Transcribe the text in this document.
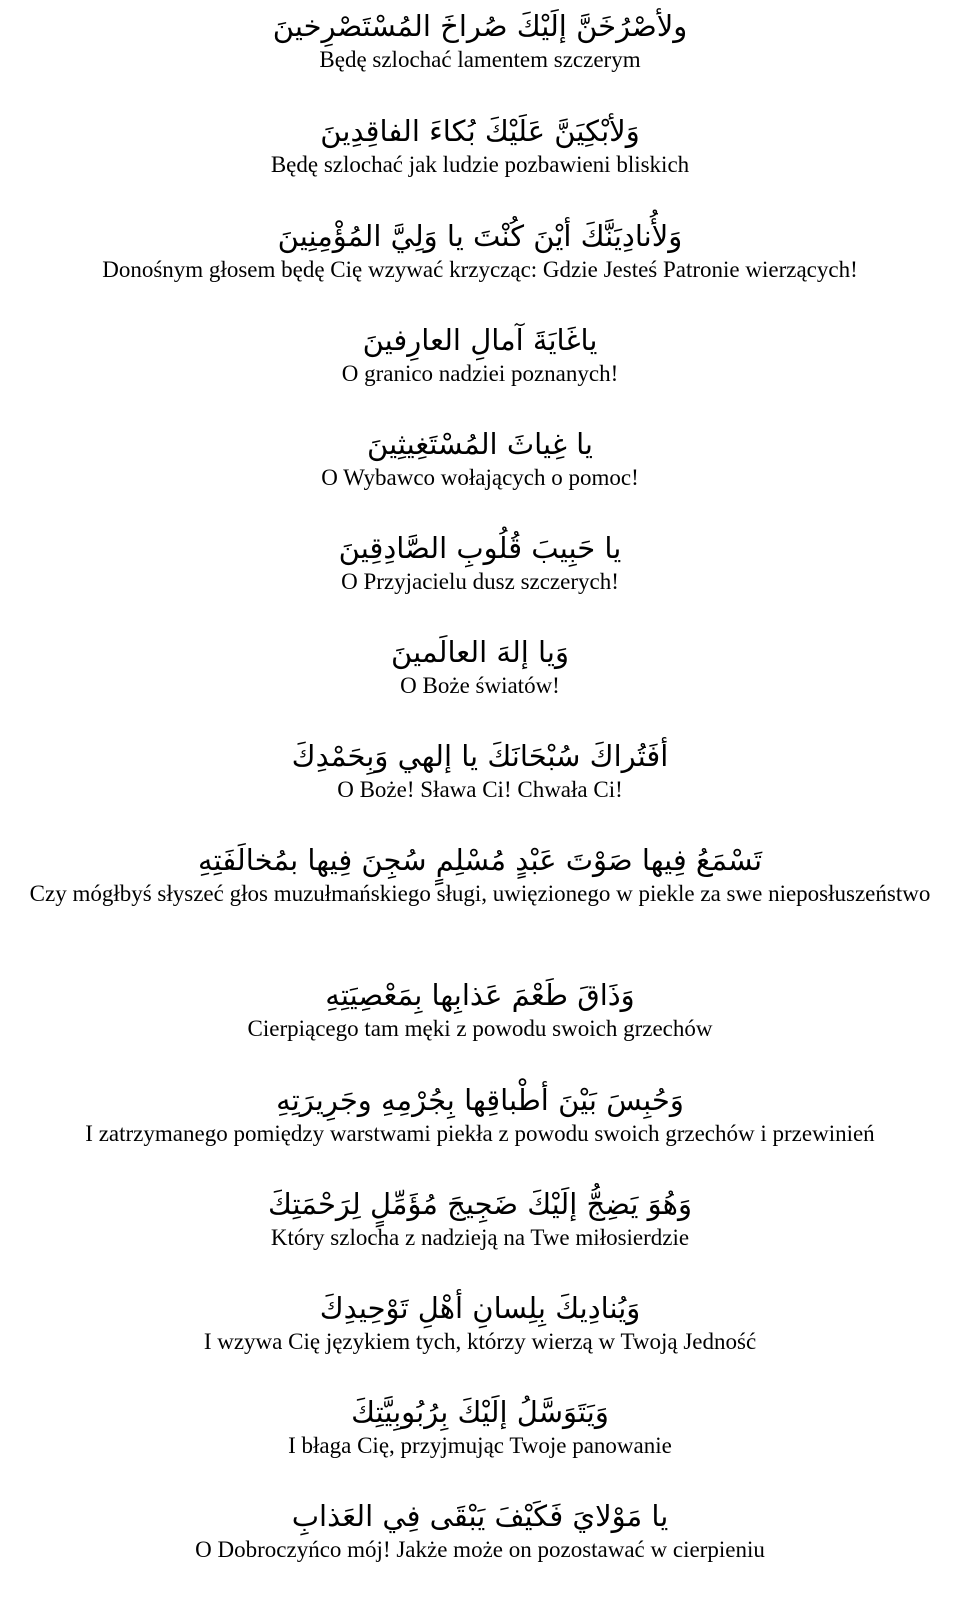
ولأصْرُخَنَّ إلَيْكَ صُراخَ المُسْتَصْرِخينَ
Będę szlochać lamentem szczerym
وَلأبْكِيَنَّ عَلَيْكَ بُكاءَ الفاقِدِينَ
Będę szlochać jak ludzie pozbawieni bliskich
وَلأُنادِيَنَّكَ أيْنَ كُنْتَ يا وَلِيَّ المُؤْمِنِينَ
Donośnym głosem będę Cię wzywać krzycząc: Gdzie Jesteś Patronie wierzących!
ياغَايَةَ آمالِ العارِفينَ
O granico nadziei poznanych!
يا غِياثَ المُسْتَغِيثِينَ
O Wybawco wołających o pomoc!
يا حَبِيبَ قُلُوبِ الصَّادِقِينَ
O Przyjacielu dusz szczerych!
وَيا إلهَ العالَمينَ
O Boże światów!
أفَتُراكَ سُبْحَانَكَ يا إلهي وَبِحَمْدِكَ
O Boże! Sława Ci! Chwała Ci!
تَسْمَعُ فِيها صَوْتَ عَبْدٍ مُسْلِمٍ سُجِنَ فِيها بمُخالَفَتِهِ
Czy mógłbyś słyszeć głos muzułmańskiego sługi, uwięzionego w piekle za swe nieposłuszeństwo
وَذَاقَ طَعْمَ عَذابِها بِمَعْصِيَتِهِ
Cierpiącego tam męki z powodu swoich grzechów
وَحُبِسَ بَيْنَ أطْباقِها بِجُرْمِهِ وجَرِيرَتِهِ
I zatrzymanego pomiędzy warstwami piekła z powodu swoich grzechów i przewinień
وَهُوَ يَضِجُّ إلَيْكَ ضَجِيجَ مُؤَمِّلٍ لِرَحْمَتِكَ
Który szlocha z nadzieją na Twe miłosierdzie
وَيُنادِيكَ بِلِسانِ أهْلِ تَوْحِيدِكَ
I wzywa Cię językiem tych, którzy wierzą w Twoją Jedność
وَيَتَوَسَّلُ إلَيْكَ بِرُبُوبِيَّتِكَ
I błaga Cię, przyjmując Twoje panowanie
يا مَوْلايَ فَكَيْفَ يَبْقَى فِي العَذابِ
O Dobroczyńco mój! Jakże może on pozostawać w cierpieniu
